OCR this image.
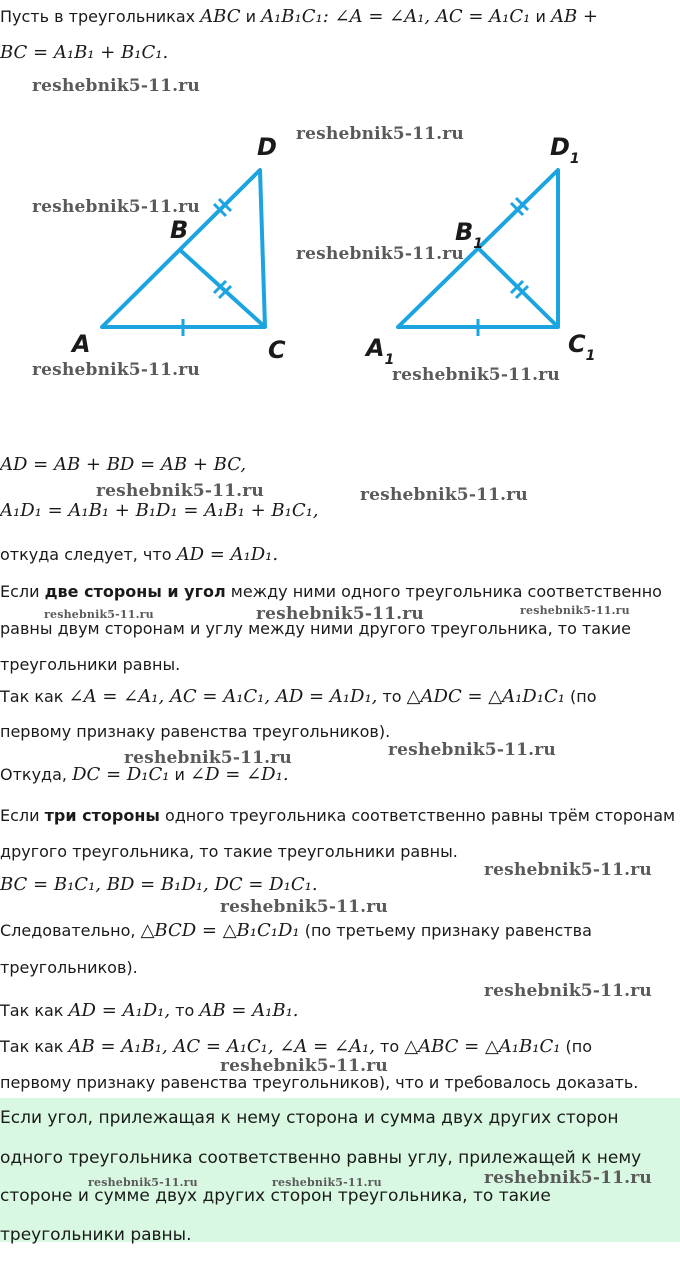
Пусть в треугольниках ABC и A₁B₁C₁: ∠A = ∠A₁, AC = A₁C₁ и AB +
BC = A₁B₁ + B₁C₁.
A
B
C
D
$A_1$
$B_1$
$C_1$
$D_1$
AD = AB + BD = AB + BC,
A₁D₁ = A₁B₁ + B₁D₁ = A₁B₁ + B₁C₁,
откуда следует, что AD = A₁D₁.
Если две стороны и угол между ними одного треугольника соответственно
равны двум сторонам и углу между ними другого треугольника, то такие
треугольники равны.
Так как ∠A = ∠A₁, AC = A₁C₁, AD = A₁D₁, то △ADC = △A₁D₁C₁ (по
первому признаку равенства треугольников).
Откуда, DC = D₁C₁ и ∠D = ∠D₁.
Если три стороны одного треугольника соответственно равны трём сторонам
другого треугольника, то такие треугольники равны.
BC = B₁C₁, BD = B₁D₁, DC = D₁C₁.
Следовательно, △BCD = △B₁C₁D₁ (по третьему признаку равенства
треугольников).
Так как AD = A₁D₁, то AB = A₁B₁.
Так как AB = A₁B₁, AC = A₁C₁, ∠A = ∠A₁, то △ABC = △A₁B₁C₁ (по
первому признаку равенства треугольников), что и требовалось доказать.
Если угол, прилежащая к нему сторона и сумма двух других сторон
одного треугольника соответственно равны углу, прилежащей к нему
стороне и сумме двух других сторон треугольника, то такие
треугольники равны.
reshebnik5-11.ru
reshebnik5-11.ru
reshebnik5-11.ru
reshebnik5-11.ru
reshebnik5-11.ru	reshebnik5-11.ru
reshebnik5-11.ru	reshebnik5-11.ru
reshebnik5-11.ru	reshebnik5-11.ru	reshebnik5-11.ru
reshebnik5-11.ru
reshebnik5-11.ru
reshebnik5-11.ru
reshebnik5-11.ru
reshebnik5-11.ru
reshebnik5-11.ru
reshebnik5-11.ru	reshebnik5-11.ru	reshebnik5-11.ru
